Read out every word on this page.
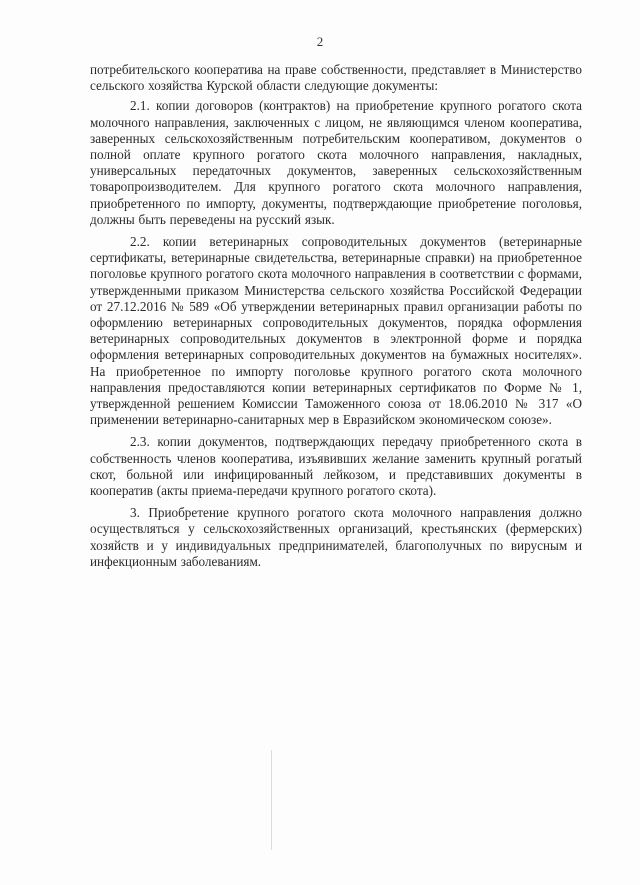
2

потребительского кооператива на праве собственности, представляет в Министерство сельского хозяйства Курской области следующие документы:

2.1. копии договоров (контрактов) на приобретение крупного рогатого скота молочного направления, заключенных с лицом, не являющимся членом кооператива, заверенных сельскохозяйственным потребительским кооперативом, документов о полной оплате крупного рогатого скота молочного направления, накладных, универсальных передаточных документов, заверенных сельскохозяйственным товаропроизводителем. Для крупного рогатого скота молочного направления, приобретенного по импорту, документы, подтверждающие приобретение поголовья, должны быть переведены на русский язык.

2.2. копии ветеринарных сопроводительных документов (ветеринарные сертификаты, ветеринарные свидетельства, ветеринарные справки) на приобретенное поголовье крупного рогатого скота молочного направления в соответствии с формами, утвержденными приказом Министерства сельского хозяйства Российской Федерации от 27.12.2016 № 589 «Об утверждении ветеринарных правил организации работы по оформлению ветеринарных сопроводительных документов, порядка оформления ветеринарных сопроводительных документов в электронной форме и порядка оформления ветеринарных сопроводительных документов на бумажных носителях». На приобретенное по импорту поголовье крупного рогатого скота молочного направления предоставляются копии ветеринарных сертификатов по Форме № 1, утвержденной решением Комиссии Таможенного союза от 18.06.2010 № 317 «О применении ветеринарно-санитарных мер в Евразийском экономическом союзе».

2.3. копии документов, подтверждающих передачу приобретенного скота в собственность членов кооператива, изъявивших желание заменить крупный рогатый скот, больной или инфицированный лейкозом, и представивших документы в кооператив (акты приема-передачи крупного рогатого скота).

3. Приобретение крупного рогатого скота молочного направления должно осуществляться у сельскохозяйственных организаций, крестьянских (фермерских) хозяйств и у индивидуальных предпринимателей, благополучных по вирусным и инфекционным заболеваниям.
